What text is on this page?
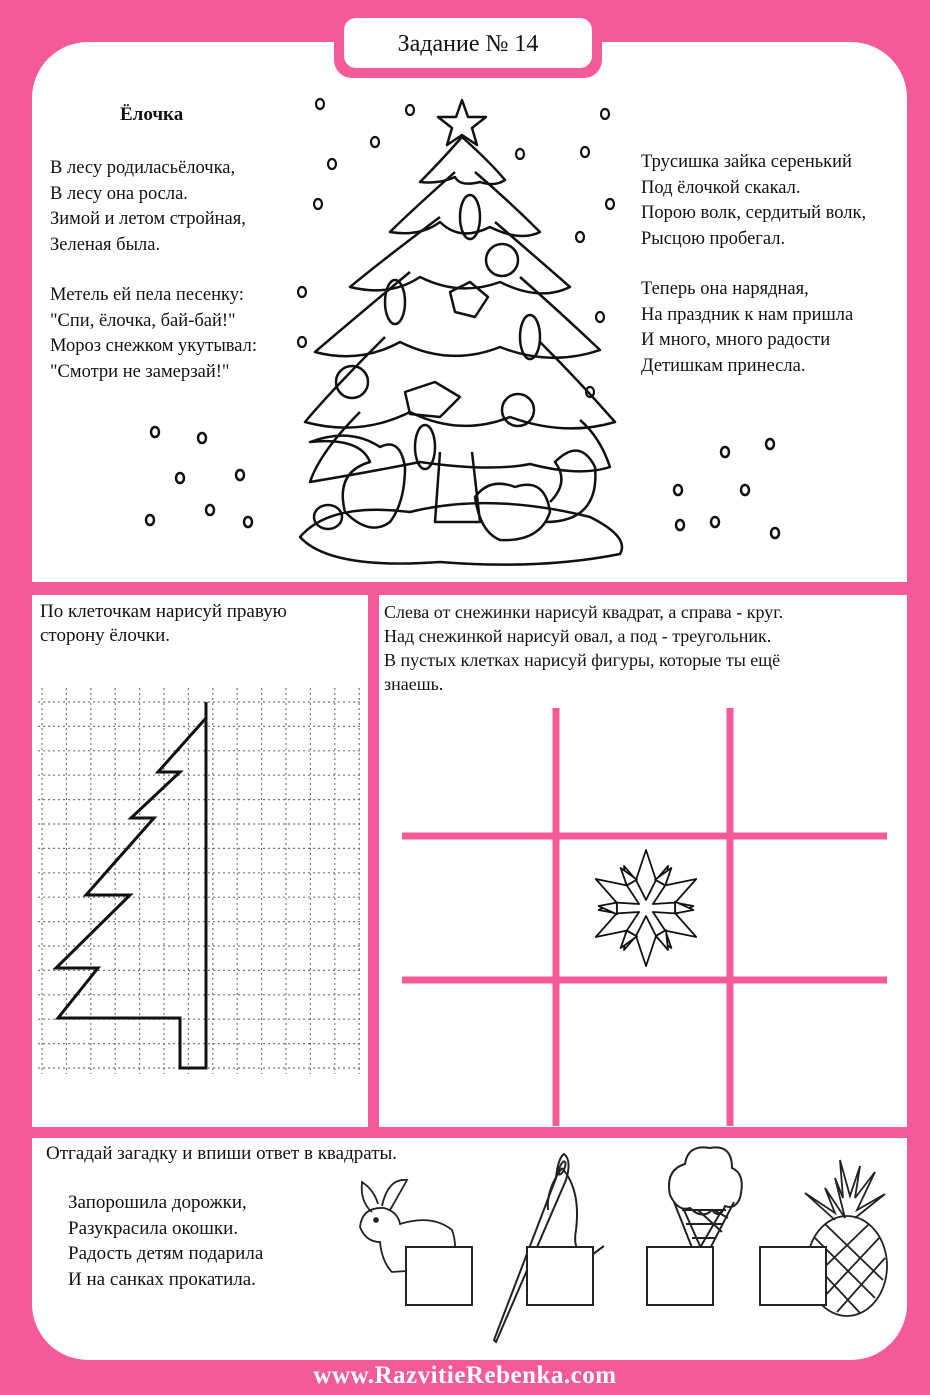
Задание № 14
Ёлочка
В лесу родиласьёлочка,
В лесу она росла.
Зимой и летом стройная,
Зеленая была.
Метель ей пела песенку:
"Спи, ёлочка, бай-бай!"
Мороз снежком укутывал:
"Смотри не замерзай!"
Трусишка зайка серенький
Под ёлочкой скакал.
Порою волк, сердитый волк,
Рысцою пробегал.
Теперь она нарядная,
На праздник к нам пришла
И много, много радости
Детишкам принесла.
По клеточкам нарисуй правую
сторону ёлочки.
Слева от снежинки нарисуй квадрат, а справа - круг.
Над снежинкой нарисуй овал, а под - треугольник.
В пустых клетках нарисуй фигуры, которые ты ещё
знаешь.
Отгадай загадку и впиши ответ в квадраты.
Запорошила дорожки,
Разукрасила окошки.
Радость детям подарила
И на санках прокатила.
www.RazvitieRebenka.com
